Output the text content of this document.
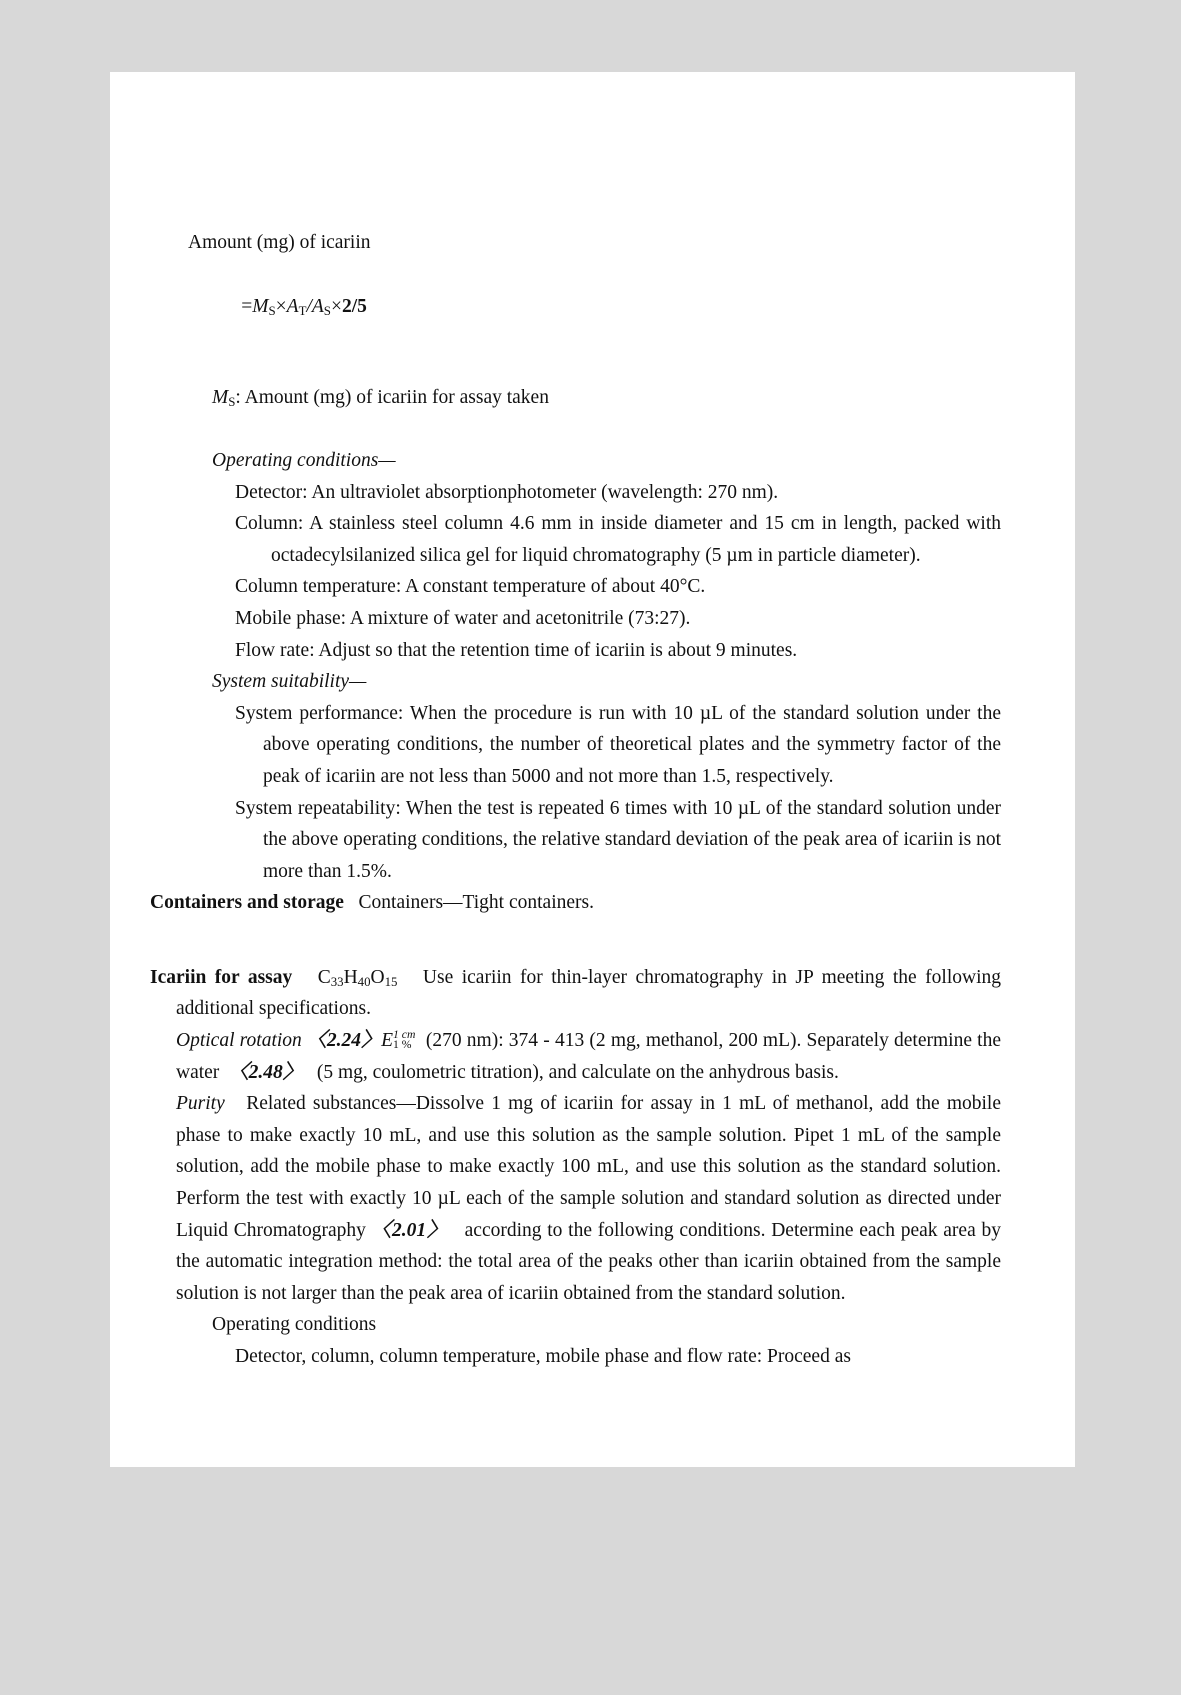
Amount (mg) of icariin

$=M_S\times A_T/A_S\times 2/5$

$M_S$: Amount (mg) of icariin for assay taken
Operating conditions—
Detector: An ultraviolet absorptionphotometer (wavelength: 270 nm).
Column: A stainless steel column 4.6 mm in inside diameter and 15 cm in length, packed with octadecylsilanized silica gel for liquid chromatography (5 µm in particle diameter).
Column temperature: A constant temperature of about 40°C.
Mobile phase: A mixture of water and acetonitrile (73:27).
Flow rate: Adjust so that the retention time of icariin is about 9 minutes.
System suitability—
System performance: When the procedure is run with 10 µL of the standard solution under the above operating conditions, the number of theoretical plates and the symmetry factor of the peak of icariin are not less than 5000 and not more than 1.5, respectively.
System repeatability: When the test is repeated 6 times with 10 µL of the standard solution under the above operating conditions, the relative standard deviation of the peak area of icariin is not more than 1.5%.
Containers and storage Containers—Tight containers.
Icariin for assay $C_{33}H_{40}O_{15}$ Use icariin for thin-layer chromatography in JP meeting the following additional specifications.
Optical rotation 〈2.24〉E 1 cm
1 % (270 nm): 374 - 413 (2 mg, methanol, 200 mL). Separately determine the water 〈2.48〉 (5 mg, coulometric titration), and calculate on the anhydrous basis.
Purity Related substances—Dissolve 1 mg of icariin for assay in 1 mL of methanol, add the mobile phase to make exactly 10 mL, and use this solution as the sample solution. Pipet 1 mL of the sample solution, add the mobile phase to make exactly 100 mL, and use this solution as the standard solution. Perform the test with exactly 10 µL each of the sample solution and standard solution as directed under Liquid Chromatography 〈2.01〉 according to the following conditions. Determine each peak area by the automatic integration method: the total area of the peaks other than icariin obtained from the sample solution is not larger than the peak area of icariin obtained from the standard solution.
Operating conditions
Detector, column, column temperature, mobile phase and flow rate: Proceed as
